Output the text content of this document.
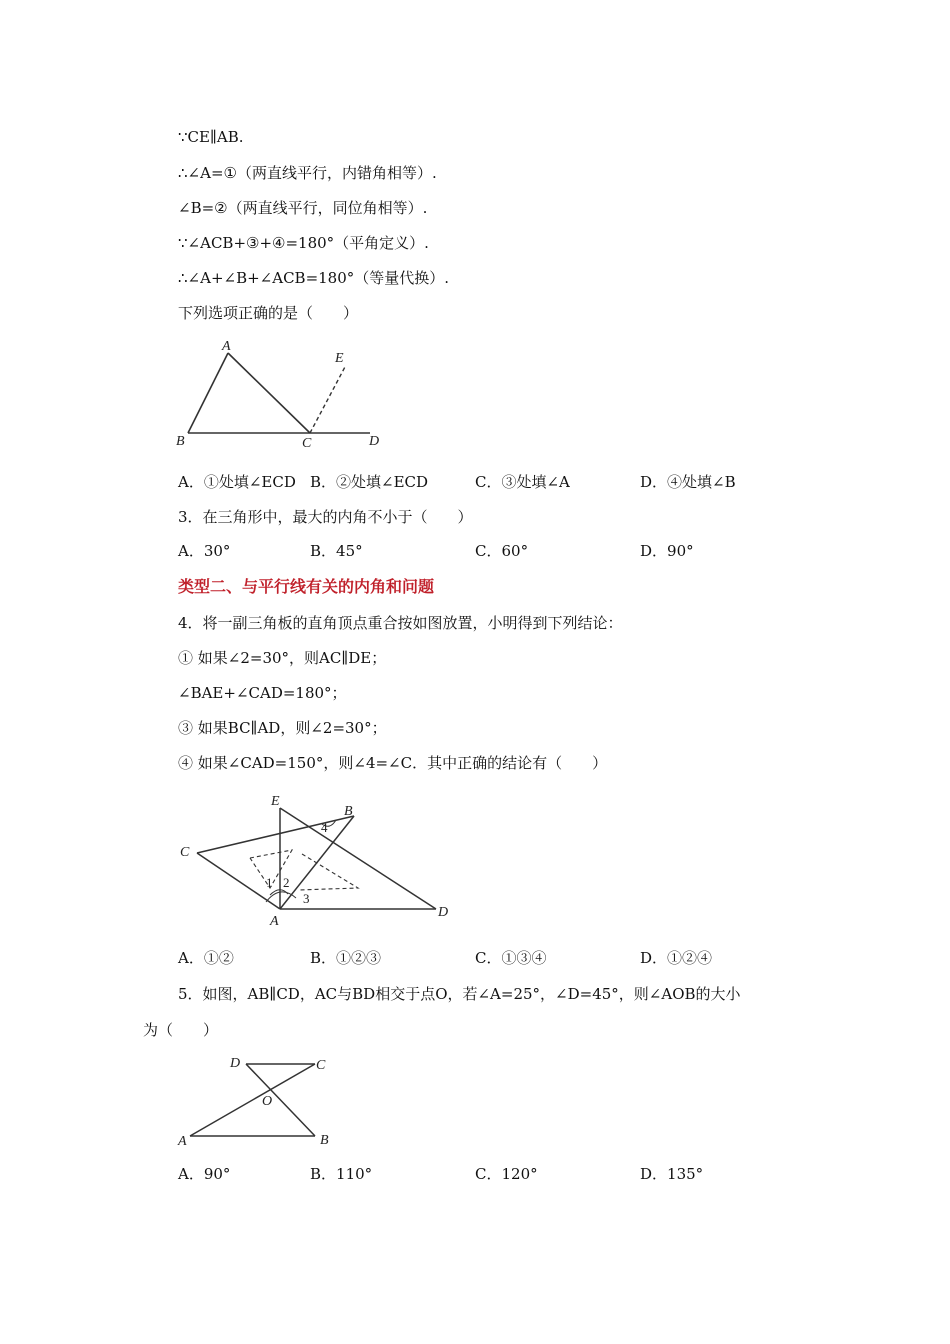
∵CE∥AB.
∴∠A=①（两直线平行，内错角相等）.
∠B=②（两直线平行，同位角相等）.
∵∠ACB+③+④=180°（平角定义）.
∴∠A+∠B+∠ACB=180°（等量代换）.
下列选项正确的是（　　）
A
E
B	C	D
A．①处填∠ECD B．②处填∠ECD	C．③处填∠A	D．④处填∠B
3．在三角形中，最大的内角不小于（　　）
A．30°	B．45°	C．60°	D．90°
类型二、与平行线有关的内角和问题
4．将一副三角板的直角顶点重合按如图放置，小明得到下列结论：
① 如果∠2=30°，则AC∥DE；
∠BAE+∠CAD=180°；
③ 如果BC∥AD，则∠2=30°；
④ 如果∠CAD=150°，则∠4=∠C．其中正确的结论有（　　）
E
B
C
1 2
3
4
A
D
A．①②	B．①②③	C．①③④	D．①②④
5．如图，AB∥CD，AC与BD相交于点O，若∠A=25°，∠D=45°，则∠AOB的大小
为（　　）
D	C
O
A	B
A．90°	B．110°	C．120°	D．135°
